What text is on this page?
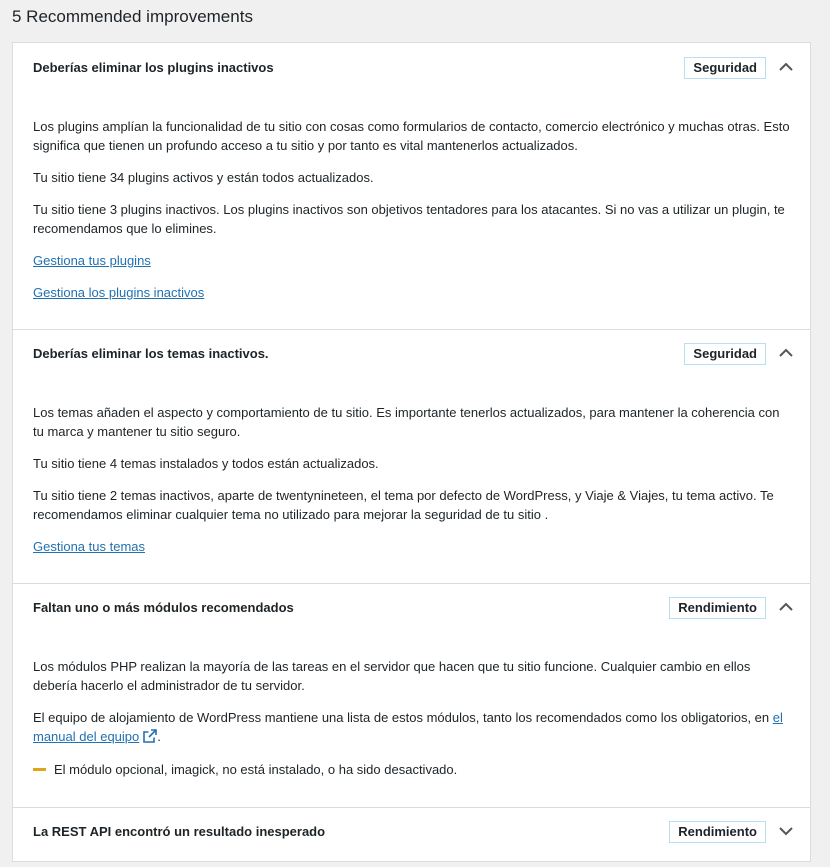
5 Recommended improvements
Deberías eliminar los plugins inactivos	Seguridad

Los plugins amplían la funcionalidad de tu sitio con cosas como formularios de contacto, comercio electrónico y muchas otras. Esto significa que tienen un profundo acceso a tu sitio y por tanto es vital mantenerlos actualizados.

Tu sitio tiene 34 plugins activos y están todos actualizados.

Tu sitio tiene 3 plugins inactivos. Los plugins inactivos son objetivos tentadores para los atacantes. Si no vas a utilizar un plugin, te recomendamos que lo elimines.

Gestiona tus plugins

Gestiona los plugins inactivos

Deberías eliminar los temas inactivos.	Seguridad

Los temas añaden el aspecto y comportamiento de tu sitio. Es importante tenerlos actualizados, para mantener la coherencia con tu marca y mantener tu sitio seguro.

Tu sitio tiene 4 temas instalados y todos están actualizados.

Tu sitio tiene 2 temas inactivos, aparte de twentynineteen, el tema por defecto de WordPress, y Viaje & Viajes, tu tema activo. Te recomendamos eliminar cualquier tema no utilizado para mejorar la seguridad de tu sitio .

Gestiona tus temas

Faltan uno o más módulos recomendados	Rendimiento

Los módulos PHP realizan la mayoría de las tareas en el servidor que hacen que tu sitio funcione. Cualquier cambio en ellos debería hacerlo el administrador de tu servidor.

El equipo de alojamiento de WordPress mantiene una lista de estos módulos, tanto los recomendados como los obligatorios, en el manual del equipo .

El módulo opcional, imagick, no está instalado, o ha sido desactivado.

La REST API encontró un resultado inesperado	Rendimiento
